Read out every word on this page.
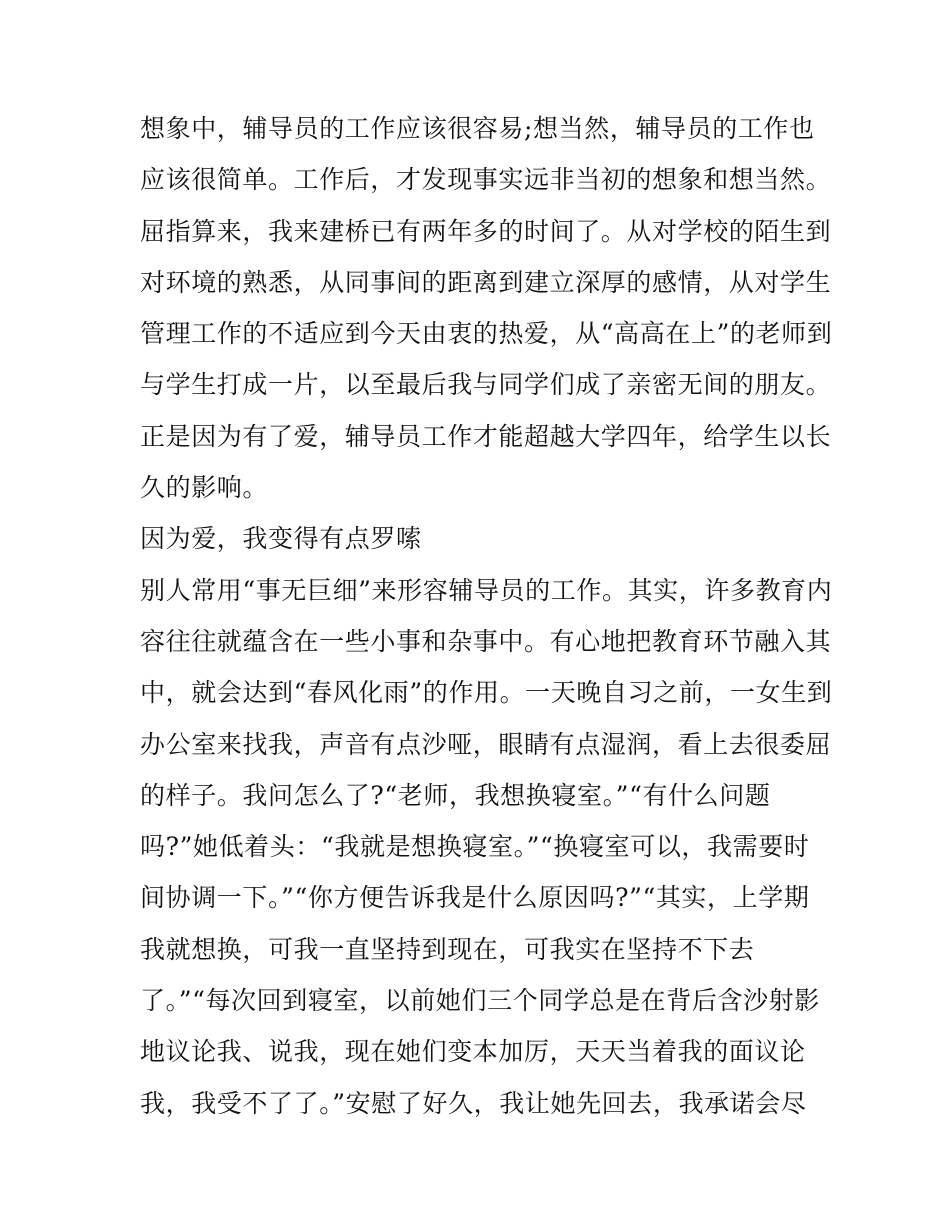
想象中，辅导员的工作应该很容易;想当然，辅导员的工作也
应该很简单。工作后，才发现事实远非当初的想象和想当然。
屈指算来，我来建桥已有两年多的时间了。从对学校的陌生到
对环境的熟悉，从同事间的距离到建立深厚的感情，从对学生
管理工作的不适应到今天由衷的热爱，从“高高在上”的老师到
与学生打成一片，以至最后我与同学们成了亲密无间的朋友。
正是因为有了爱，辅导员工作才能超越大学四年，给学生以长
久的影响。
因为爱，我变得有点罗嗦
别人常用“事无巨细”来形容辅导员的工作。其实，许多教育内
容往往就蕴含在一些小事和杂事中。有心地把教育环节融入其
中，就会达到“春风化雨”的作用。一天晚自习之前，一女生到
办公室来找我，声音有点沙哑，眼睛有点湿润，看上去很委屈
的样子。我问怎么了?“老师，我想换寝室。”“有什么问题
吗?”她低着头：“我就是想换寝室。”“换寝室可以，我需要时
间协调一下。”“你方便告诉我是什么原因吗?”“其实，上学期
我就想换，可我一直坚持到现在，可我实在坚持不下去
了。”“每次回到寝室，以前她们三个同学总是在背后含沙射影
地议论我、说我，现在她们变本加厉，天天当着我的面议论
我，我受不了了。”安慰了好久，我让她先回去，我承诺会尽
